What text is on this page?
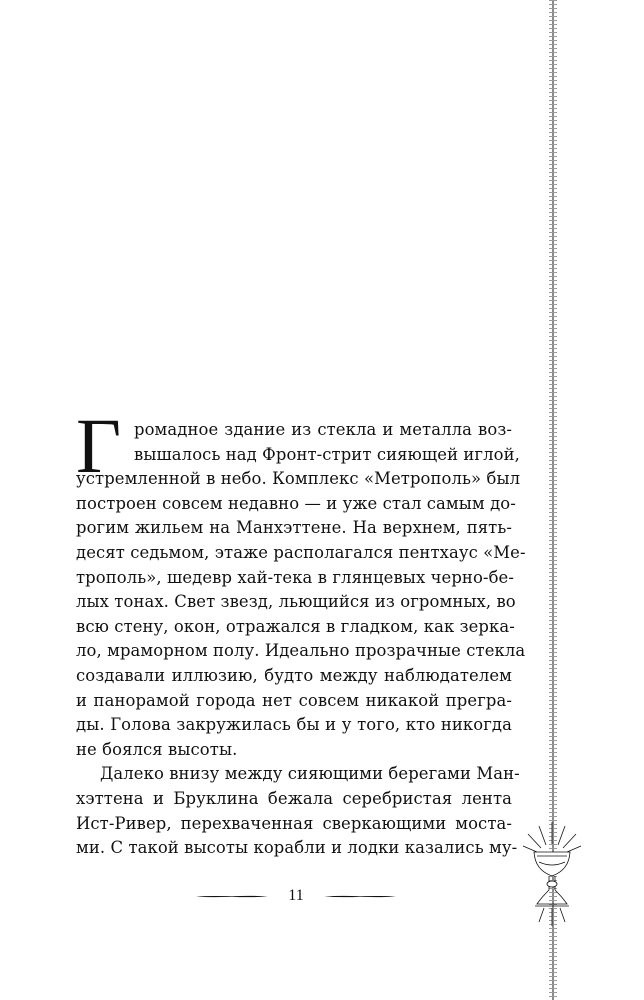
Г ромадное здание из стекла и металла воз-
вышалось над Фронт-стрит сияющей иглой,
устремленной в небо. Комплекс «Метрополь» был
построен совсем недавно — и уже стал самым до-
рогим жильем на Манхэттене. На верхнем, пять-
десят седьмом, этаже располагался пентхаус «Ме-
трополь», шедевр хай-тека в глянцевых черно-бе-
лых тонах. Свет звезд, льющийся из огромных, во
всю стену, окон, отражался в гладком, как зерка-
ло, мраморном полу. Идеально прозрачные стекла
создавали иллюзию, будто между наблюдателем
и панорамой города нет совсем никакой прегра-
ды. Голова закружилась бы и у того, кто никогда
не боялся высоты.
Далеко внизу между сияющими берегами Ман-
хэттена и Бруклина бежала серебристая лента
Ист-Ривер, перехваченная сверкающими моста-
ми. С такой высоты корабли и лодки казались му-
11
